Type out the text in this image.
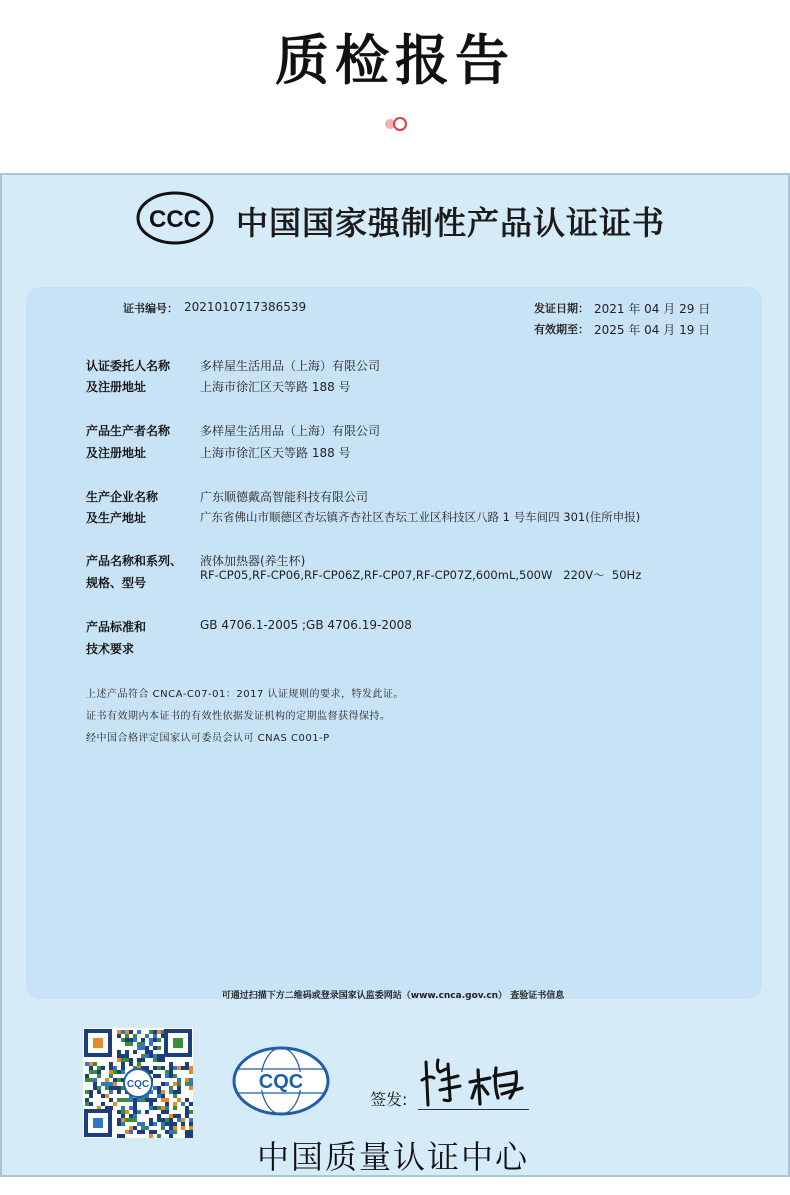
质检报告
CCC 中国国家强制性产品认证证书
证书编号： 2021010717386539	发证日期： 2021 年 04 月 29 日
有效期至： 2025 年 04 月 19 日
认证委托人名称
及注册地址
多样屋生活用品（上海）有限公司
上海市徐汇区天等路 188 号
产品生产者名称
及注册地址
多样屋生活用品（上海）有限公司
上海市徐汇区天等路 188 号
生产企业名称
及生产地址
广东顺德戴高智能科技有限公司
广东省佛山市顺德区杏坛镇齐杏社区杏坛工业区科技区八路 1 号车间四 301(住所申报)
产品名称和系列、
规格、型号
液体加热器(养生杯)
RF-CP05,RF-CP06,RF-CP06Z,RF-CP07,RF-CP07Z,600mL,500W   220V～  50Hz
产品标准和
技术要求
GB 4706.1-2005 ;GB 4706.19-2008
上述产品符合 CNCA-C07-01：2017 认证规则的要求，特发此证。
证书有效期内本证书的有效性依据发证机构的定期监督获得保持。
经中国合格评定国家认可委员会认可 CNAS C001-P
可通过扫描下方二维码或登录国家认监委网站（www.cnca.gov.cn） 查验证书信息
CQC	CQC
签发:
中国质量认证中心
